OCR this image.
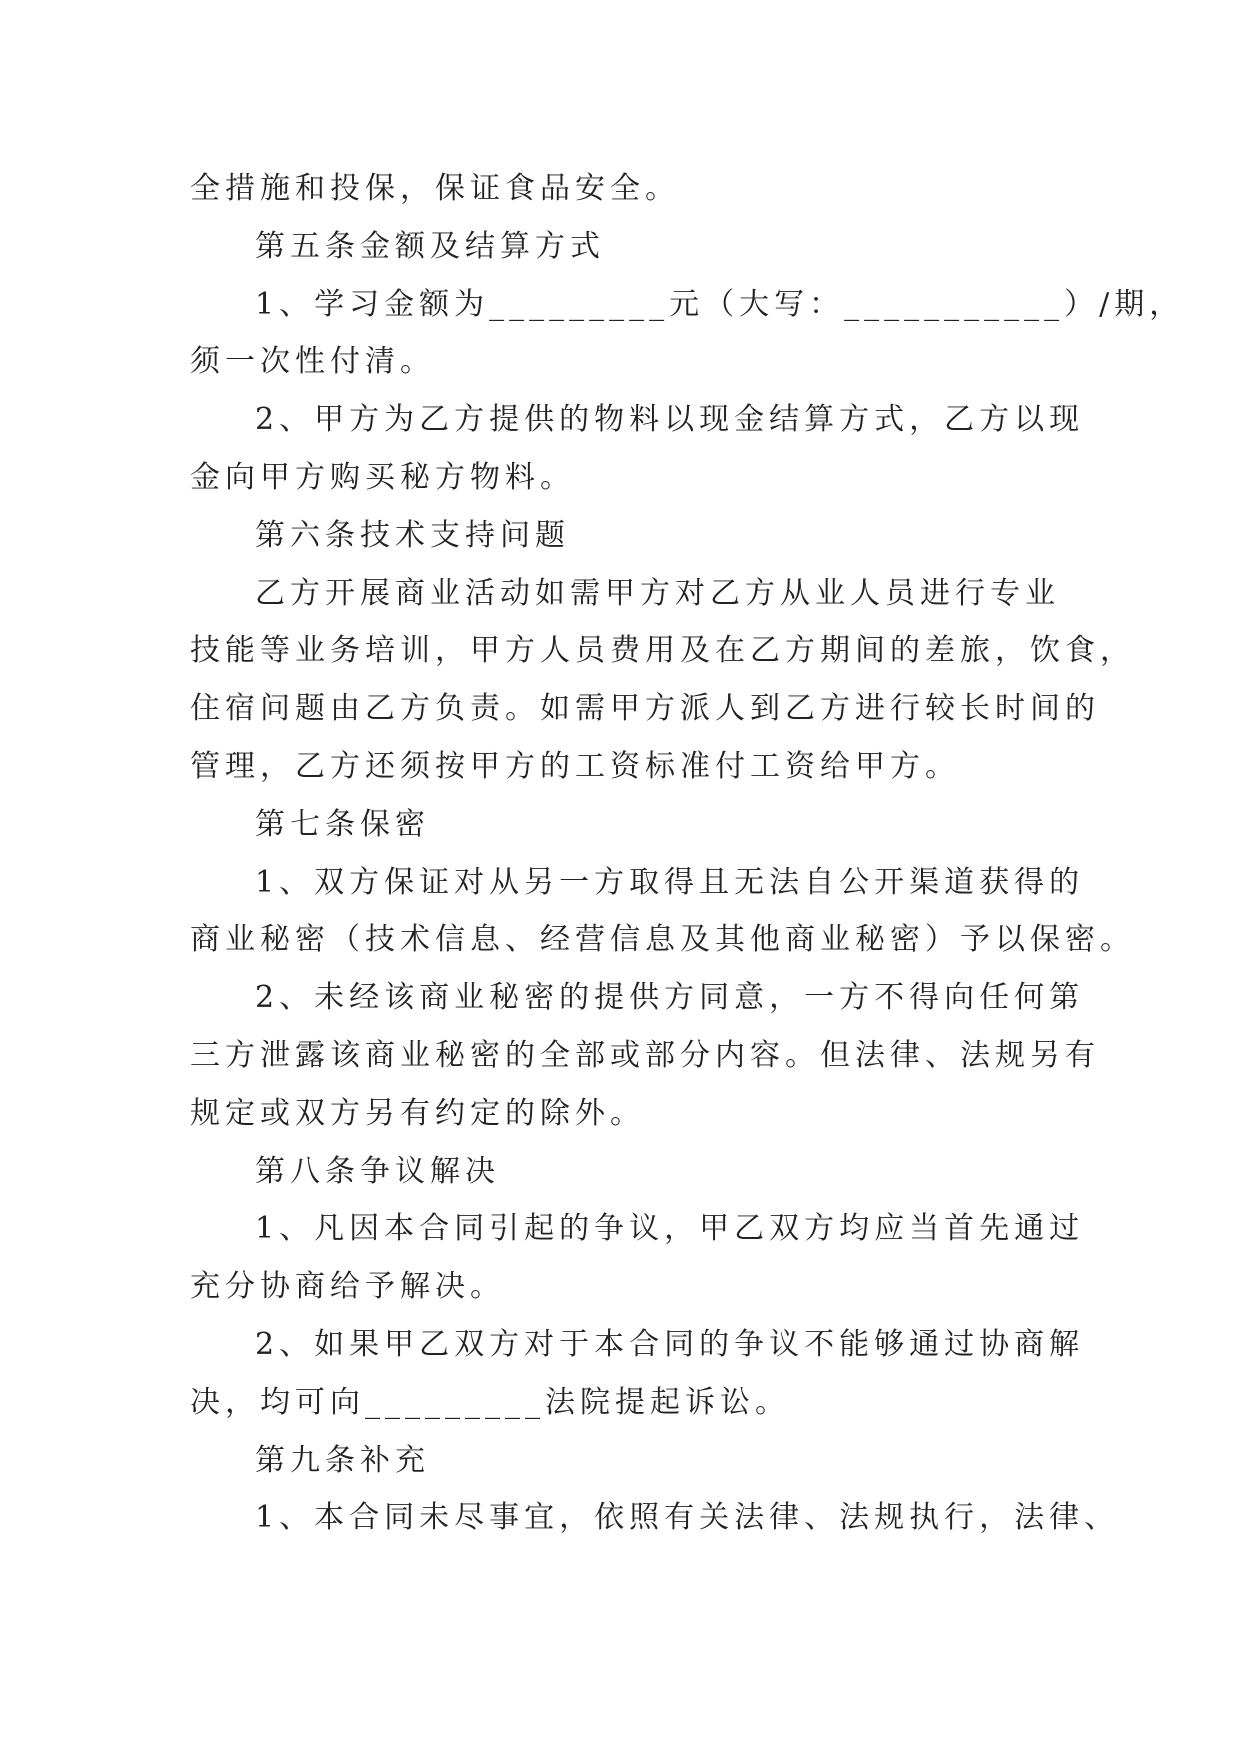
全措施和投保，保证食品安全。
第五条金额及结算方式
1、学习金额为_________元（大写：___________）/期，
须一次性付清。
2、甲方为乙方提供的物料以现金结算方式，乙方以现
金向甲方购买秘方物料。
第六条技术支持问题
乙方开展商业活动如需甲方对乙方从业人员进行专业
技能等业务培训，甲方人员费用及在乙方期间的差旅，饮食，
住宿问题由乙方负责。如需甲方派人到乙方进行较长时间的
管理，乙方还须按甲方的工资标准付工资给甲方。
第七条保密
1、双方保证对从另一方取得且无法自公开渠道获得的
商业秘密（技术信息、经营信息及其他商业秘密）予以保密。
2、未经该商业秘密的提供方同意，一方不得向任何第
三方泄露该商业秘密的全部或部分内容。但法律、法规另有
规定或双方另有约定的除外。
第八条争议解决
1、凡因本合同引起的争议，甲乙双方均应当首先通过
充分协商给予解决。
2、如果甲乙双方对于本合同的争议不能够通过协商解
决，均可向_________法院提起诉讼。
第九条补充
1、本合同未尽事宜，依照有关法律、法规执行，法律、
